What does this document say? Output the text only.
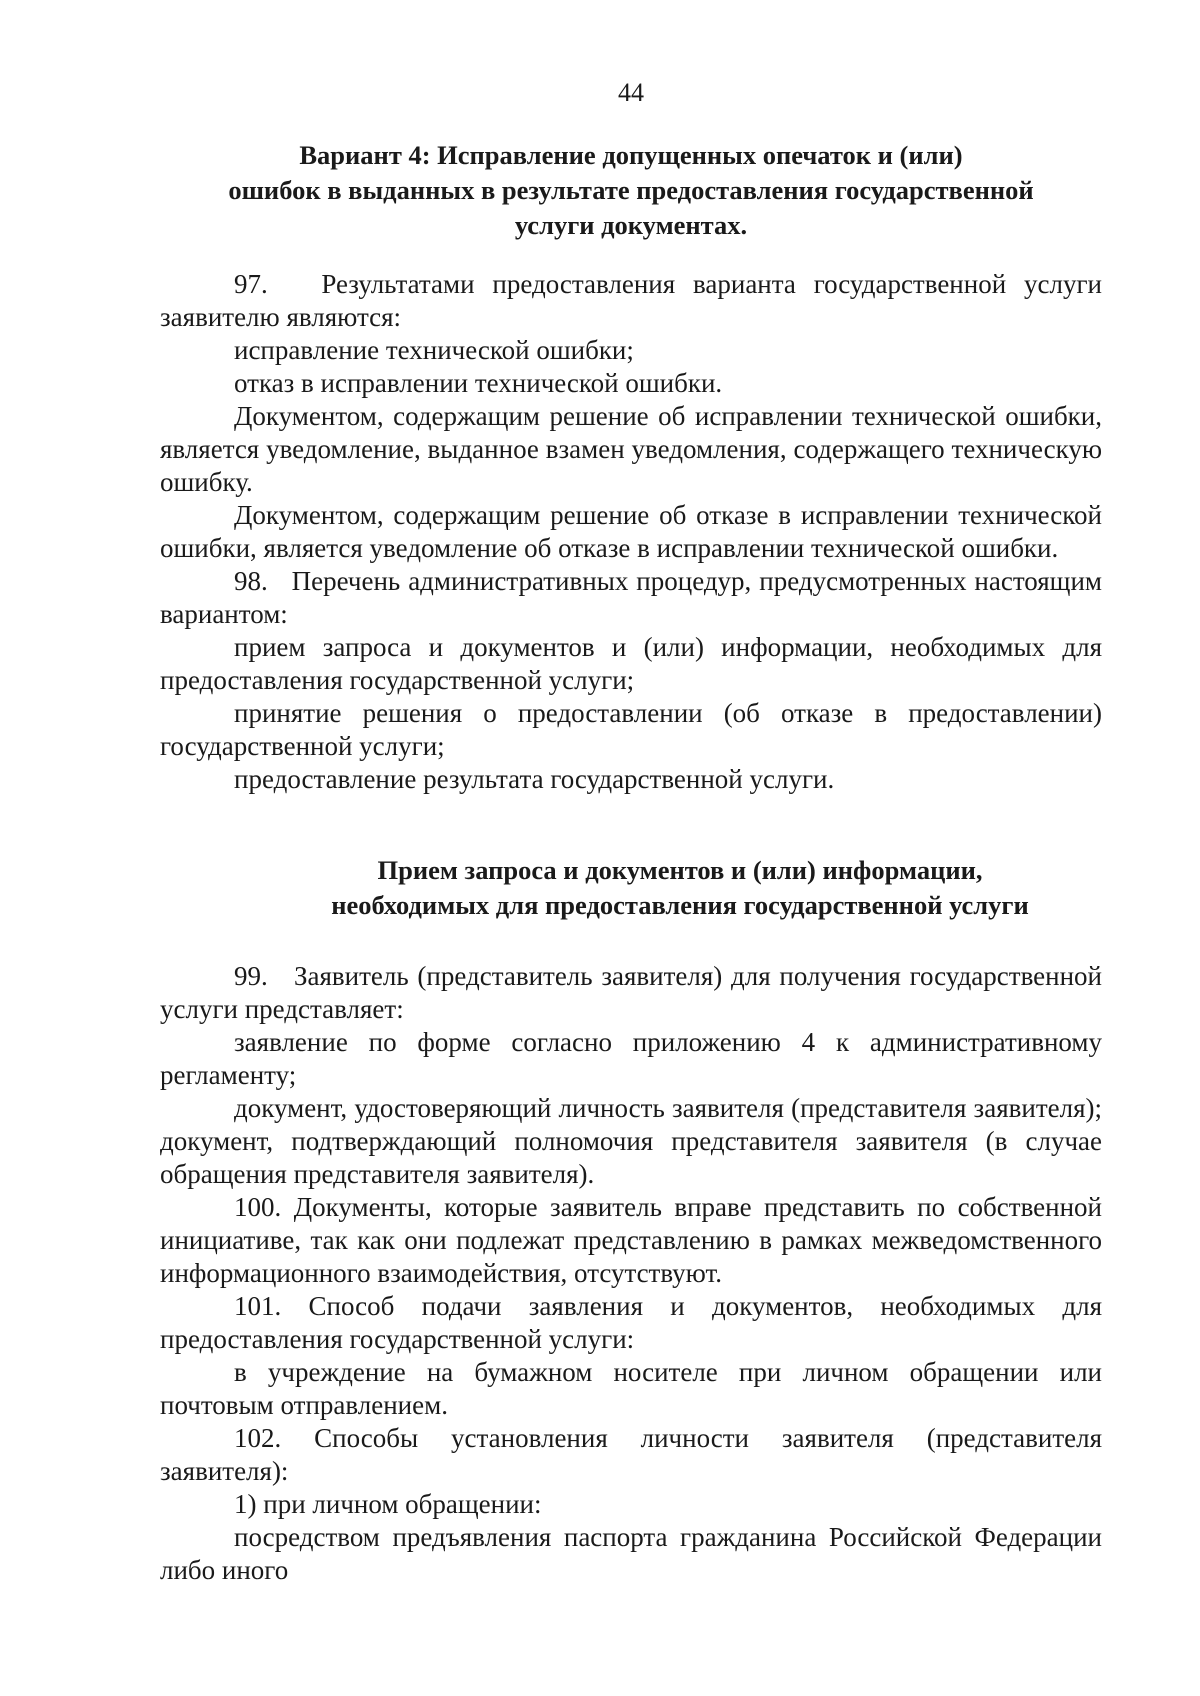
44
Вариант 4: Исправление допущенных опечаток и (или)
ошибок в выданных в результате предоставления государственной
услуги документах.

97.   Результатами предоставления варианта государственной услуги заявителю являются:

исправление технической ошибки;

отказ в исправлении технической ошибки.

Документом, содержащим решение об исправлении технической ошибки, является уведомление, выданное взамен уведомления, содержащего техническую ошибку.

Документом, содержащим решение об отказе в исправлении технической ошибки, является уведомление об отказе в исправлении технической ошибки.

98.   Перечень административных процедур, предусмотренных настоящим вариантом:

прием запроса и документов и (или) информации, необходимых для предоставления государственной услуги;

принятие решения о предоставлении (об отказе в предоставлении) государственной услуги;

предоставление результата государственной услуги.

Прием запроса и документов и (или) информации,
необходимых для предоставления государственной услуги

99.   Заявитель (представитель заявителя) для получения государственной услуги представляет:

заявление по форме согласно приложению 4 к административному регламенту;

документ, удостоверяющий личность заявителя (представителя заявителя); документ, подтверждающий полномочия представителя заявителя (в случае обращения представителя заявителя).

100. Документы, которые заявитель вправе представить по собственной инициативе, так как они подлежат представлению в рамках межведомственного информационного взаимодействия, отсутствуют.

101. Способ подачи заявления и документов, необходимых для предоставления государственной услуги:

в учреждение на бумажном носителе при личном обращении или почтовым отправлением.

102. Способы установления личности заявителя (представителя заявителя):

1) при личном обращении:

посредством предъявления паспорта гражданина Российской Федерации либо иного
